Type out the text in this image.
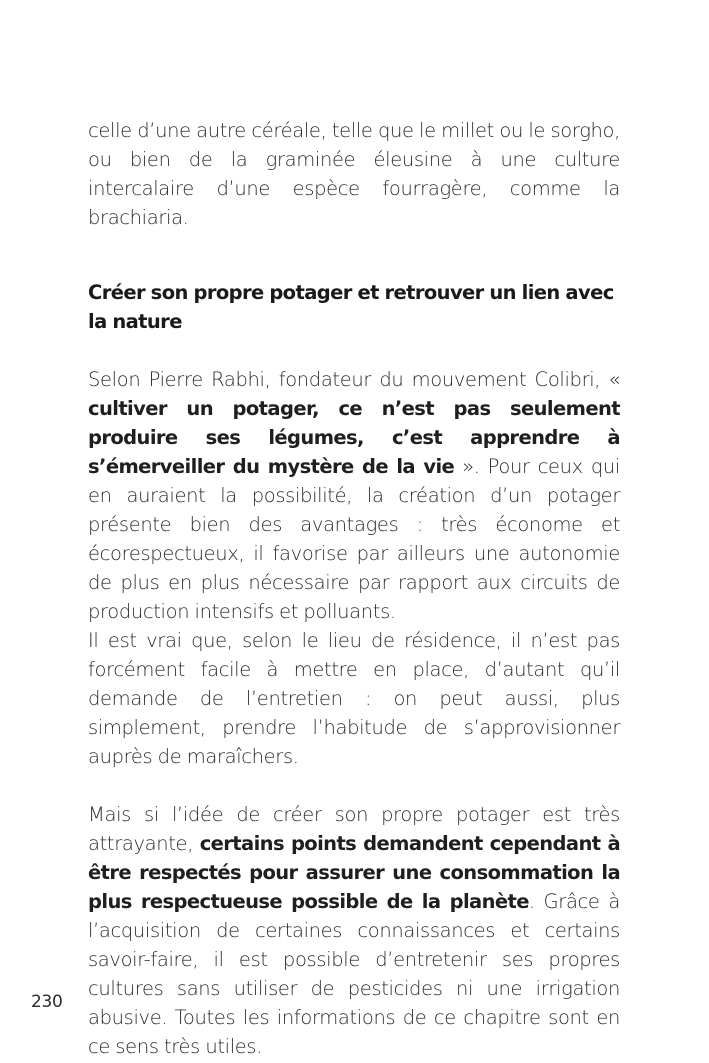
celle d’une autre céréale, telle que le millet ou le sorgho, ou bien de la graminée éleusine à une culture intercalaire d’une espèce fourragère, comme la brachiaria.

Créer son propre potager et retrouver un lien avec la nature

Selon Pierre Rabhi, fondateur du mouvement Colibri, « cultiver un potager, ce n’est pas seulement produire ses légumes, c’est apprendre à s’émerveiller du mystère de la vie ». Pour ceux qui en auraient la possibilité, la création d’un potager présente bien des avantages : très économe et écorespectueux, il favorise par ailleurs une autonomie de plus en plus nécessaire par rapport aux circuits de production intensifs et polluants.

Il est vrai que, selon le lieu de résidence, il n’est pas forcément facile à mettre en place, d’autant qu’il demande de l’entretien : on peut aussi, plus simplement, prendre l’habitude de s’approvisionner auprès de maraîchers.

Mais si l’idée de créer son propre potager est très attrayante, certains points demandent cependant à être respectés pour assurer une consommation la plus respectueuse possible de la planète. Grâce à l’acquisition de certaines connaissances et certains savoir-faire, il est possible d’entretenir ses propres cultures sans utiliser de pesticides ni une irrigation abusive. Toutes les informations de ce chapitre sont en ce sens très utiles.

230
